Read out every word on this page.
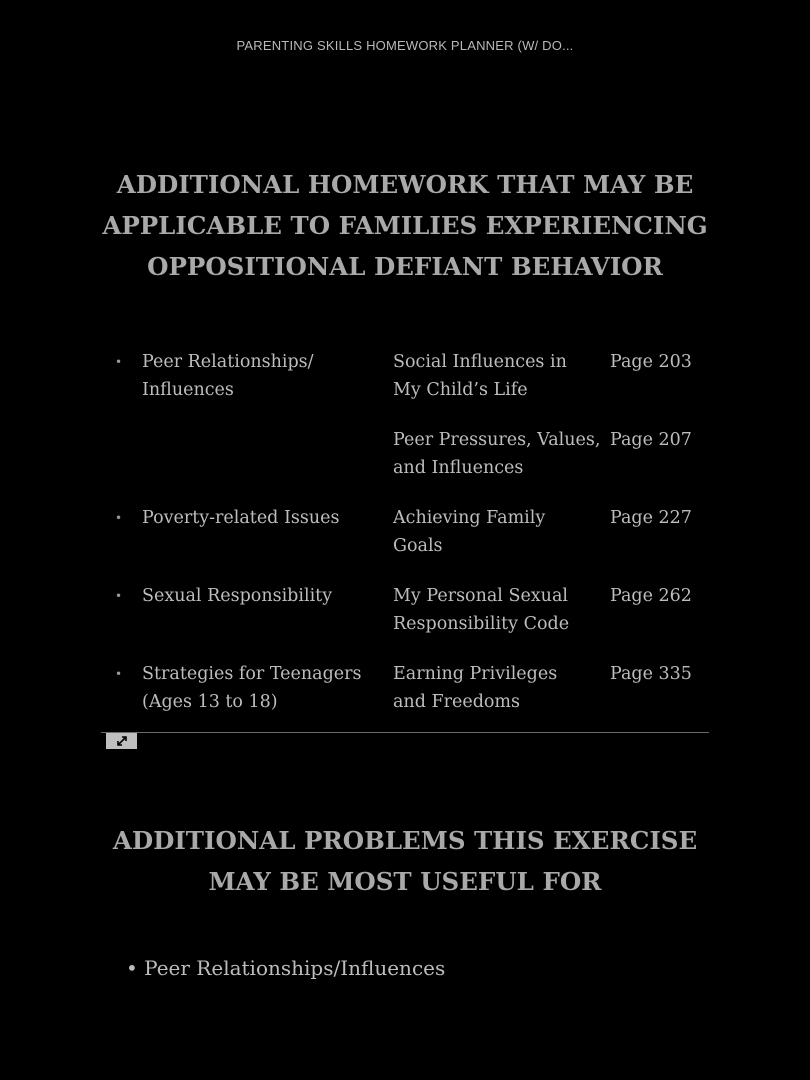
PARENTING SKILLS HOMEWORK PLANNER (W/ DO...
ADDITIONAL HOMEWORK THAT MAY BE
APPLICABLE TO FAMILIES EXPERIENCING
OPPOSITIONAL DEFIANT BEHAVIOR
• Peer Relationships/
Influences
Social Influences in
My Child’s Life
Page 203

Peer Pressures, Values,
and Influences
Page 207
• Poverty-related Issues	Achieving Family
Goals
Page 227
• Sexual Responsibility	My Personal Sexual
Responsibility Code
Page 262
• Strategies for Teenagers
(Ages 13 to 18)
Earning Privileges
and Freedoms
Page 335
ADDITIONAL PROBLEMS THIS EXERCISE
MAY BE MOST USEFUL FOR
• Peer Relationships/Influences
